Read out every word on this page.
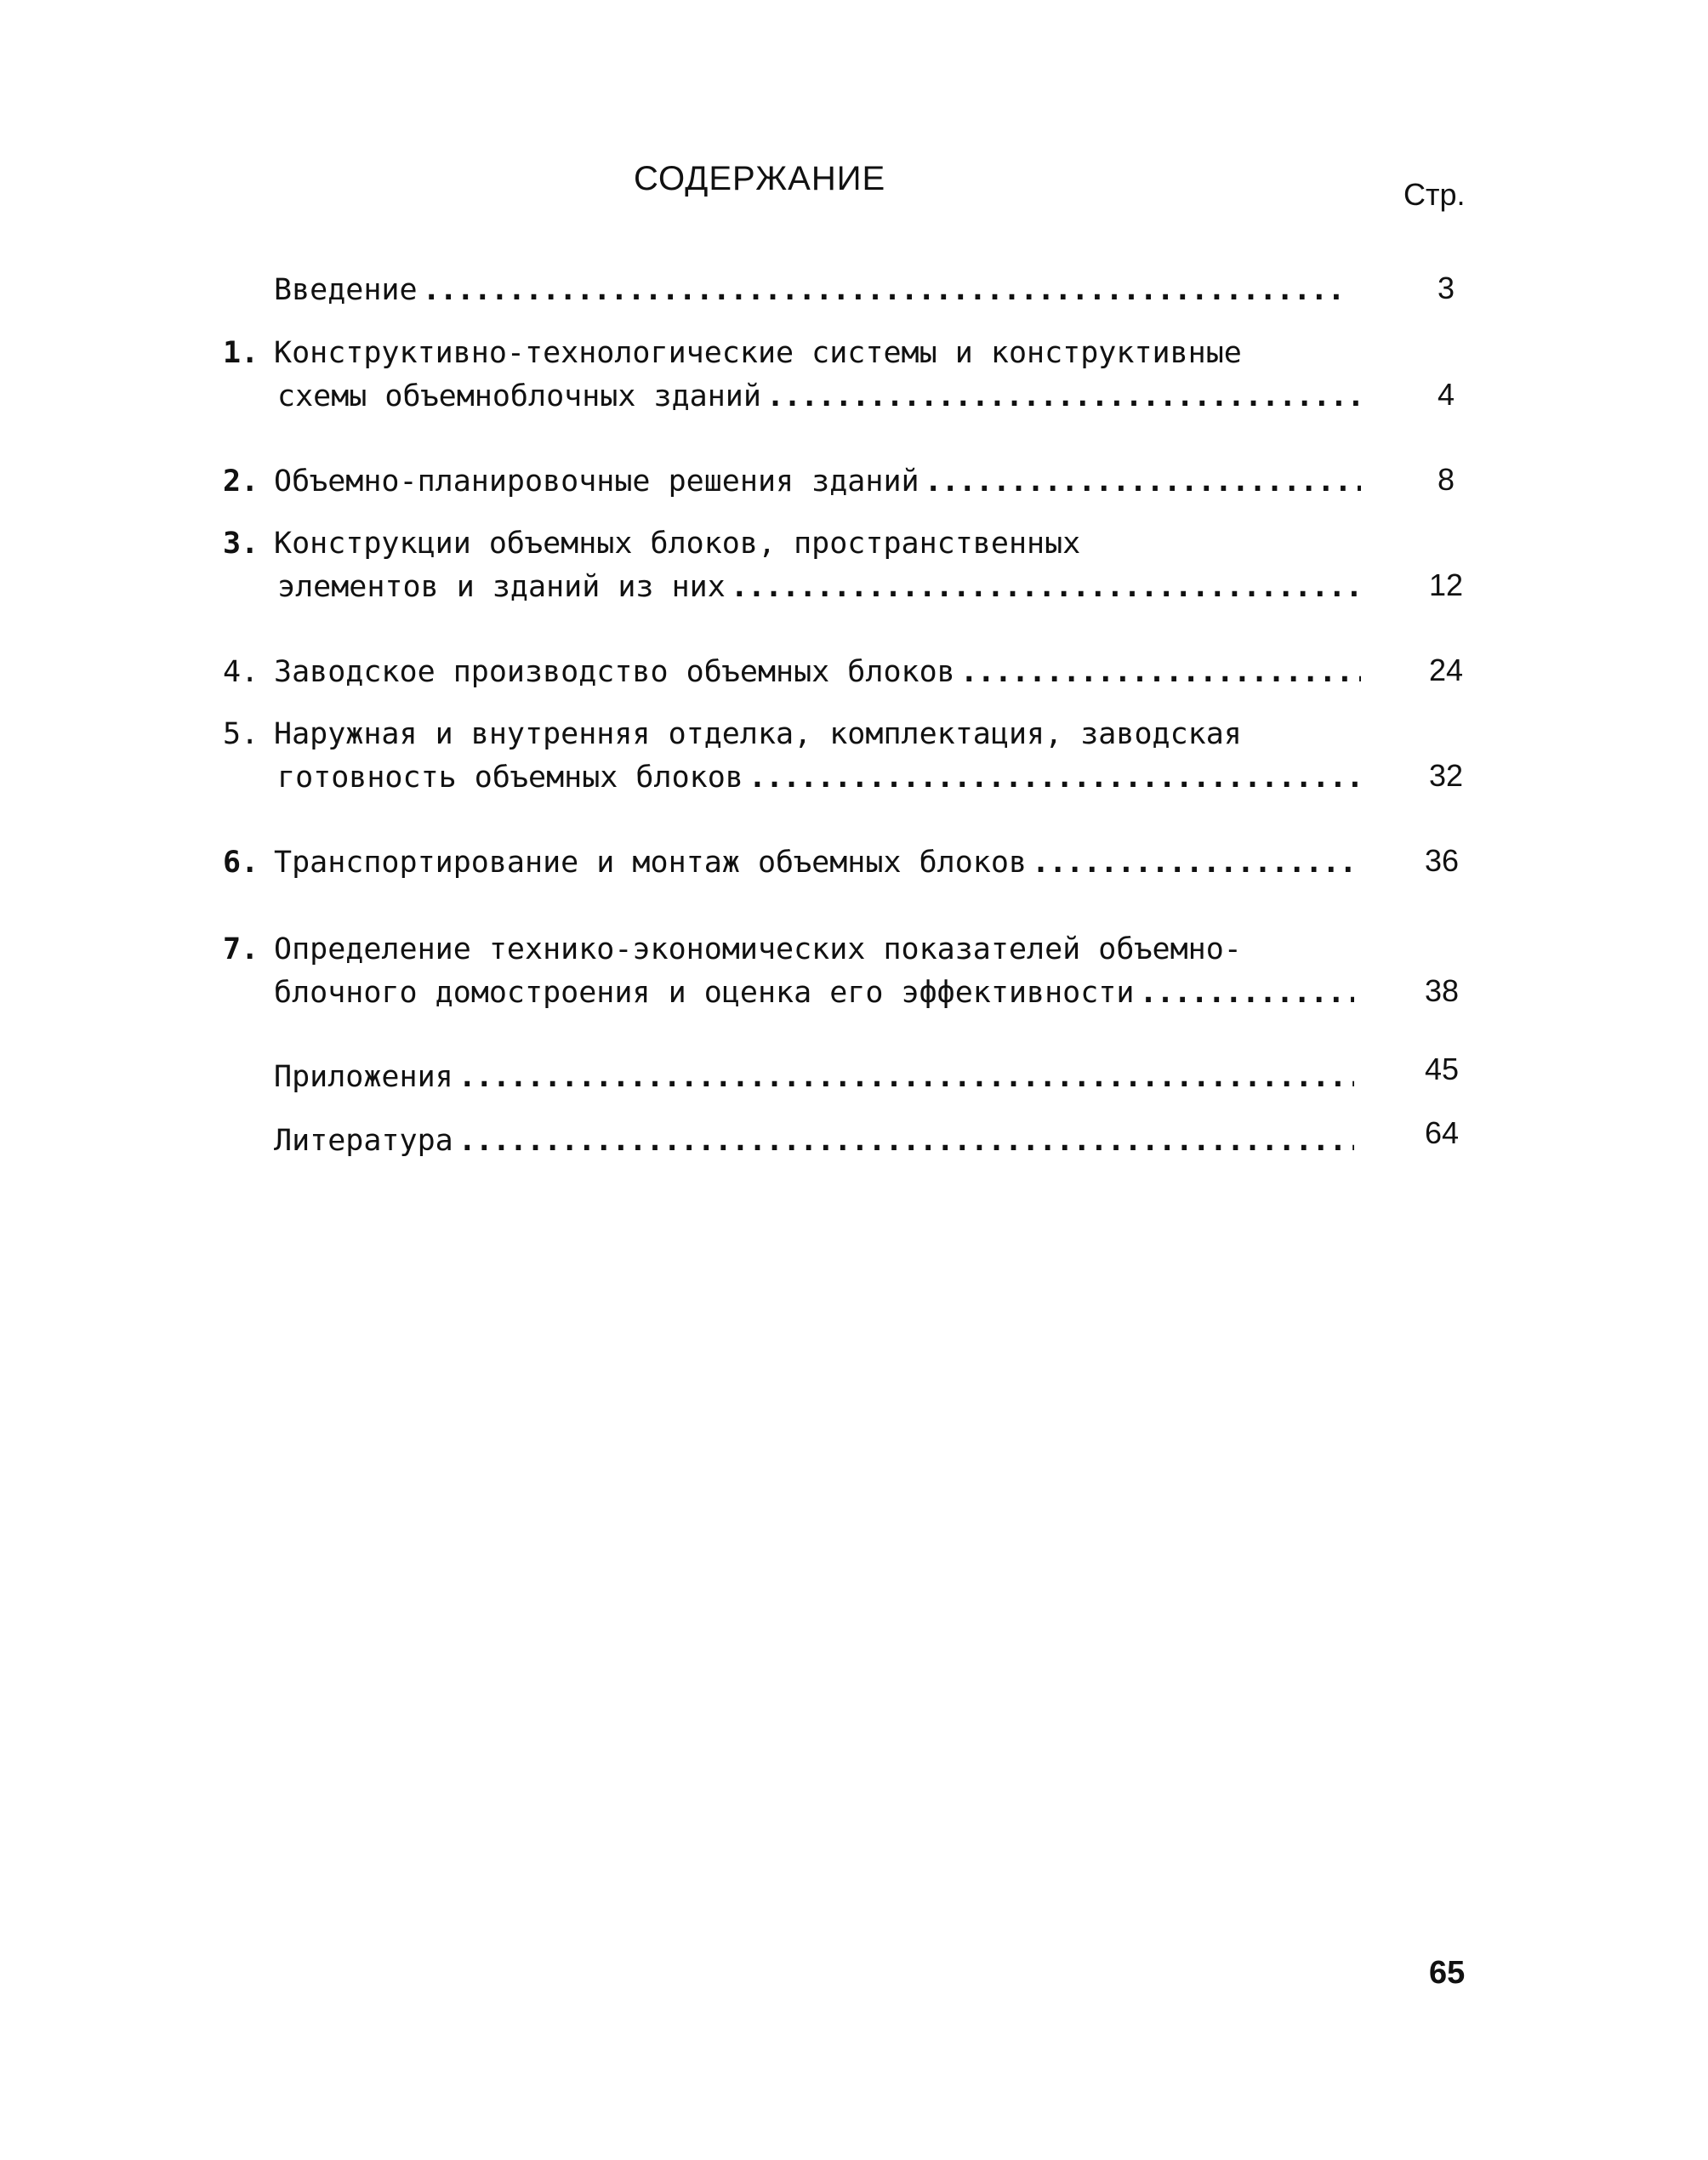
СОДЕРЖАНИЕ	Стр.
Введение .....	3
1. Конструктивно-технологические системы и конструктивные
схемы объемноблочных зданий .....	4
2. Объемно-планировочные решения зданий .....	8
3. Конструкции объемных блоков, пространственных
элементов и зданий из них .....	12
4. Заводское производство объемных блоков .....	24
5. Наружная и внутренняя отделка, комплектация, заводская
готовность объемных блоков .....	32
6. Транспортирование и монтаж объемных блоков .....	36
7. Определение технико-экономических показателей объемно-
блочного домостроения и оценка его эффективности .....	38
Приложения .....	45
Литература .....	64
65
